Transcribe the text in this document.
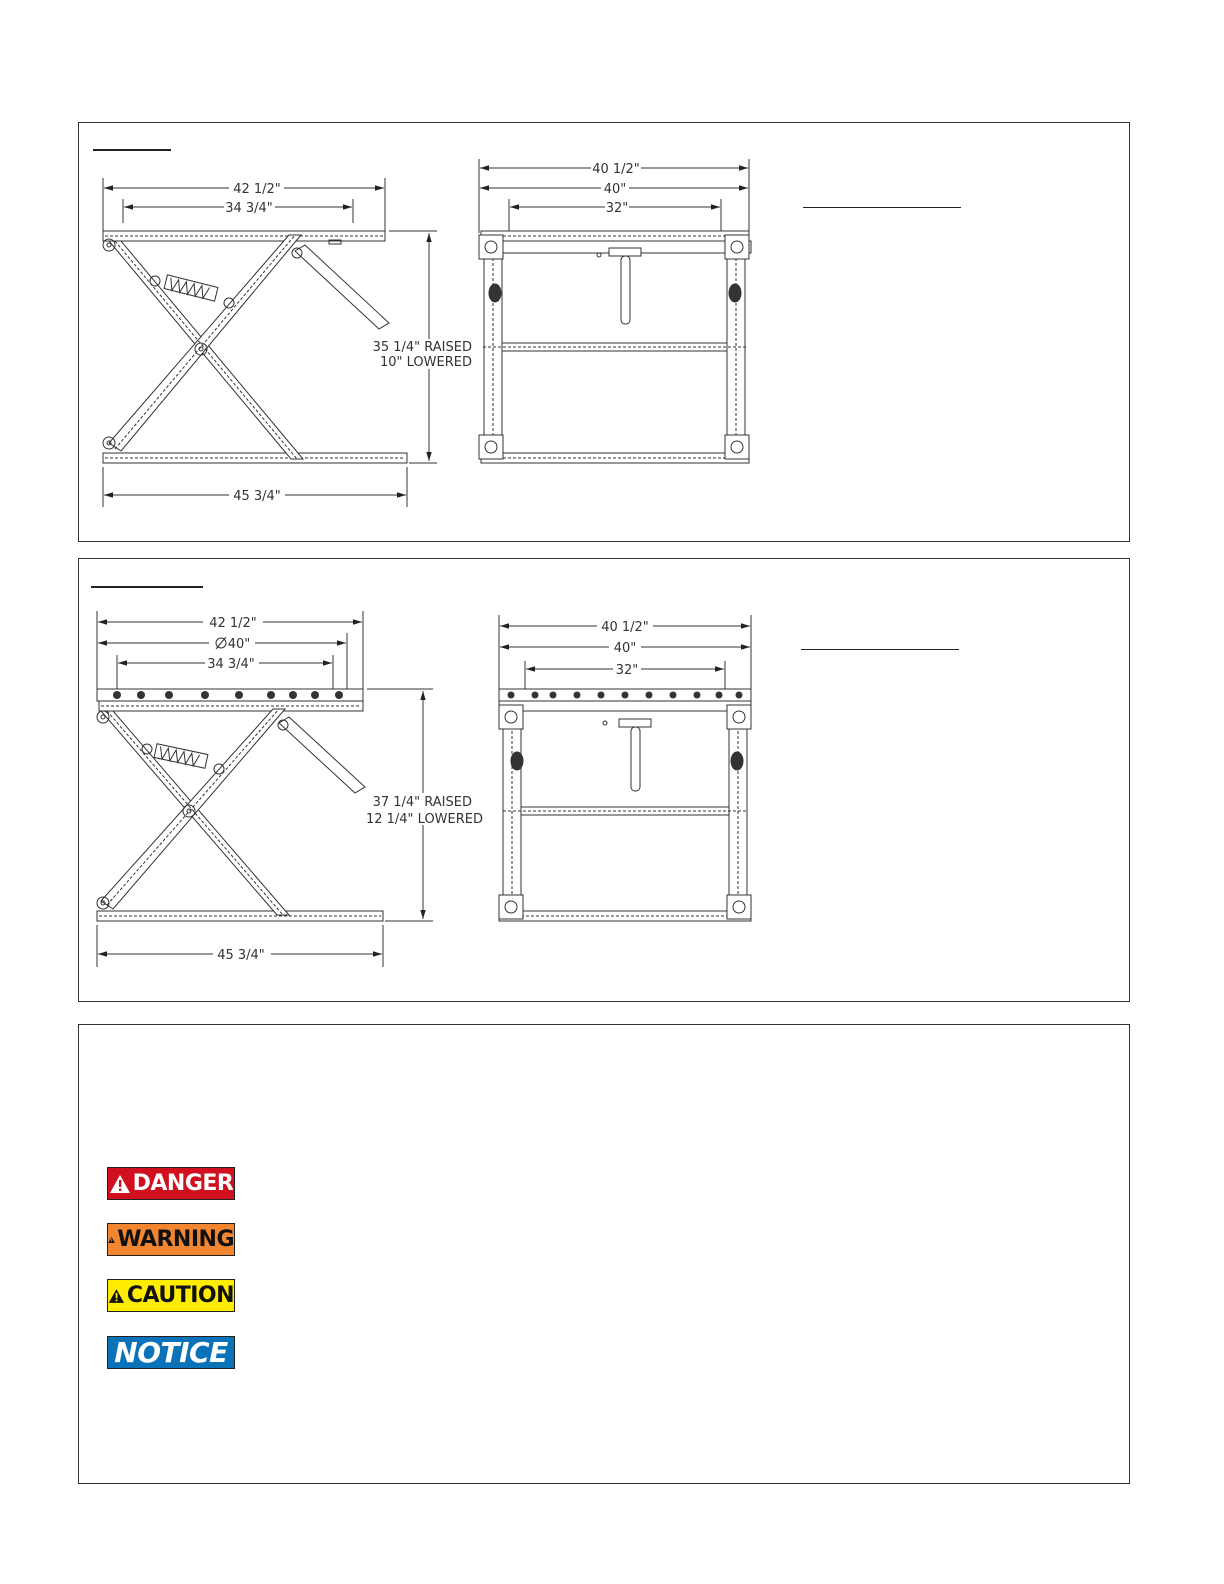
42 1/2"
34 3/4"
45 3/4"
35 1/4" RAISED
10" LOWERED
40 1/2"
40"
32"
42 1/2"
40"
34 3/4"
45 3/4"
37 1/4" RAISED
12 1/4" LOWERED
40 1/2"
40"
32"
DANGER
WARNING
CAUTION
NOTICE
